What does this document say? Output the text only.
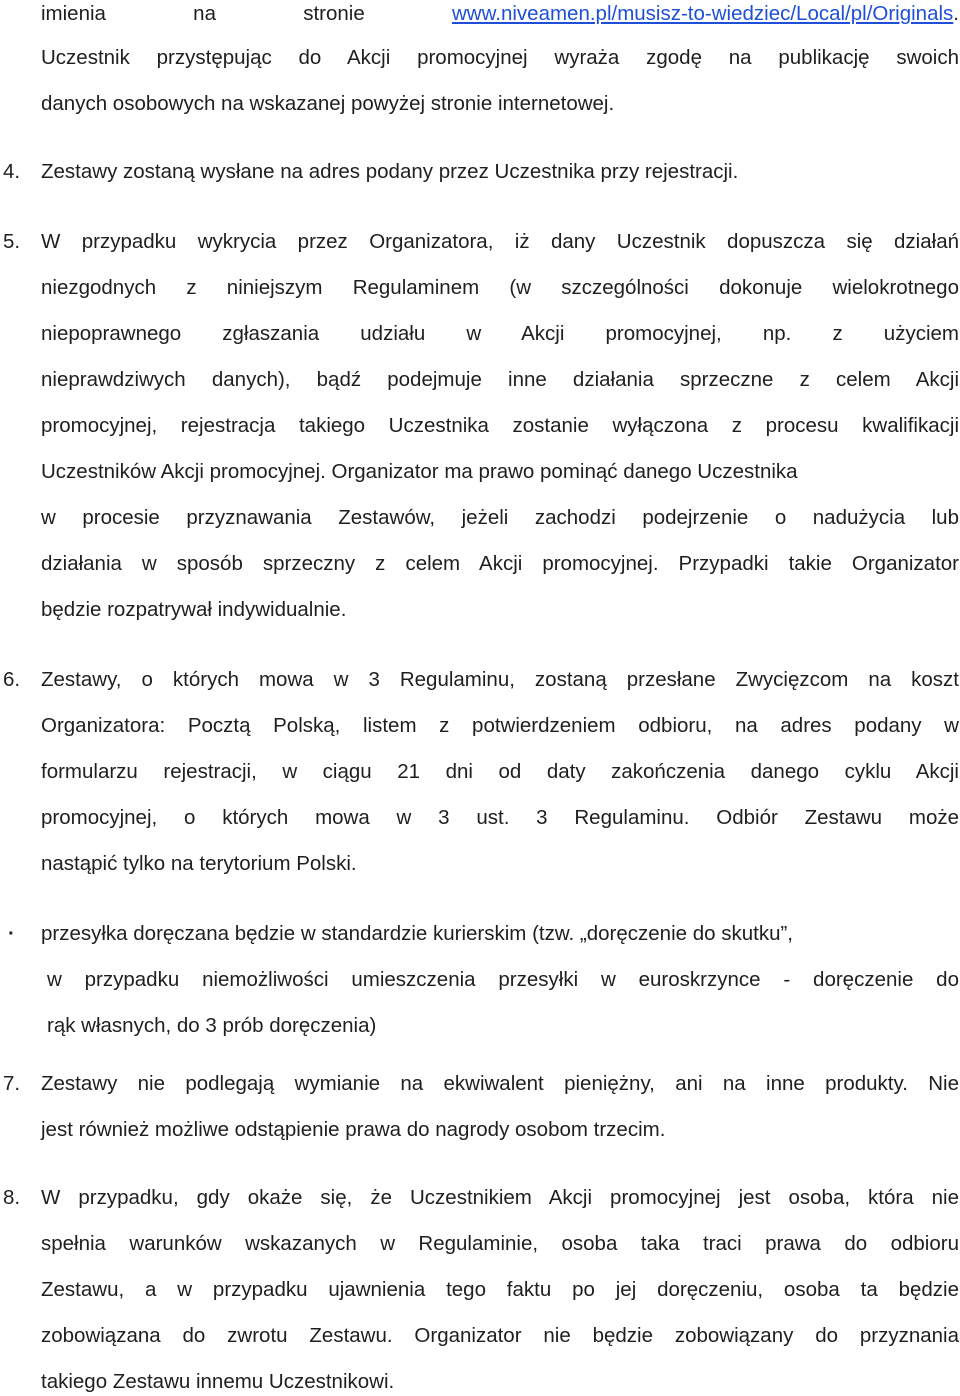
imienia na stronie www.niveamen.pl/musisz-to-wiedziec/Local/pl/Originals.
Uczestnik przystępując do Akcji promocyjnej wyraża zgodę na publikację swoich
danych osobowych na wskazanej powyżej stronie internetowej.
4. Zestawy zostaną wysłane na adres podany przez Uczestnika przy rejestracji.
5. W przypadku wykrycia przez Organizatora, iż dany Uczestnik dopuszcza się działań
niezgodnych z niniejszym Regulaminem (w szczególności dokonuje wielokrotnego
niepoprawnego zgłaszania udziału w Akcji promocyjnej, np. z użyciem
nieprawdziwych danych), bądź podejmuje inne działania sprzeczne z celem Akcji
promocyjnej, rejestracja takiego Uczestnika zostanie wyłączona z procesu kwalifikacji
Uczestników Akcji promocyjnej. Organizator ma prawo pominąć danego Uczestnika
w procesie przyznawania Zestawów, jeżeli zachodzi podejrzenie o nadużycia lub
działania w sposób sprzeczny z celem Akcji promocyjnej. Przypadki takie Organizator
będzie rozpatrywał indywidualnie.
6. Zestawy, o których mowa w 3 Regulaminu, zostaną przesłane Zwycięzcom na koszt
Organizatora: Pocztą Polską, listem z potwierdzeniem odbioru, na adres podany w
formularzu rejestracji, w ciągu 21 dni od daty zakończenia danego cyklu Akcji
promocyjnej, o których mowa w 3 ust. 3 Regulaminu. Odbiór Zestawu może
nastąpić tylko na terytorium Polski.
· przesyłka doręczana będzie w standardzie kurierskim (tzw. „doręczenie do skutku”,
w przypadku niemożliwości umieszczenia przesyłki w euroskrzynce - doręczenie do
rąk własnych, do 3 prób doręczenia)
7. Zestawy nie podlegają wymianie na ekwiwalent pieniężny, ani na inne produkty. Nie
jest również możliwe odstąpienie prawa do nagrody osobom trzecim.
8. W przypadku, gdy okaże się, że Uczestnikiem Akcji promocyjnej jest osoba, która nie
spełnia warunków wskazanych w Regulaminie, osoba taka traci prawa do odbioru
Zestawu, a w przypadku ujawnienia tego faktu po jej doręczeniu, osoba ta będzie
zobowiązana do zwrotu Zestawu. Organizator nie będzie zobowiązany do przyznania
takiego Zestawu innemu Uczestnikowi.
